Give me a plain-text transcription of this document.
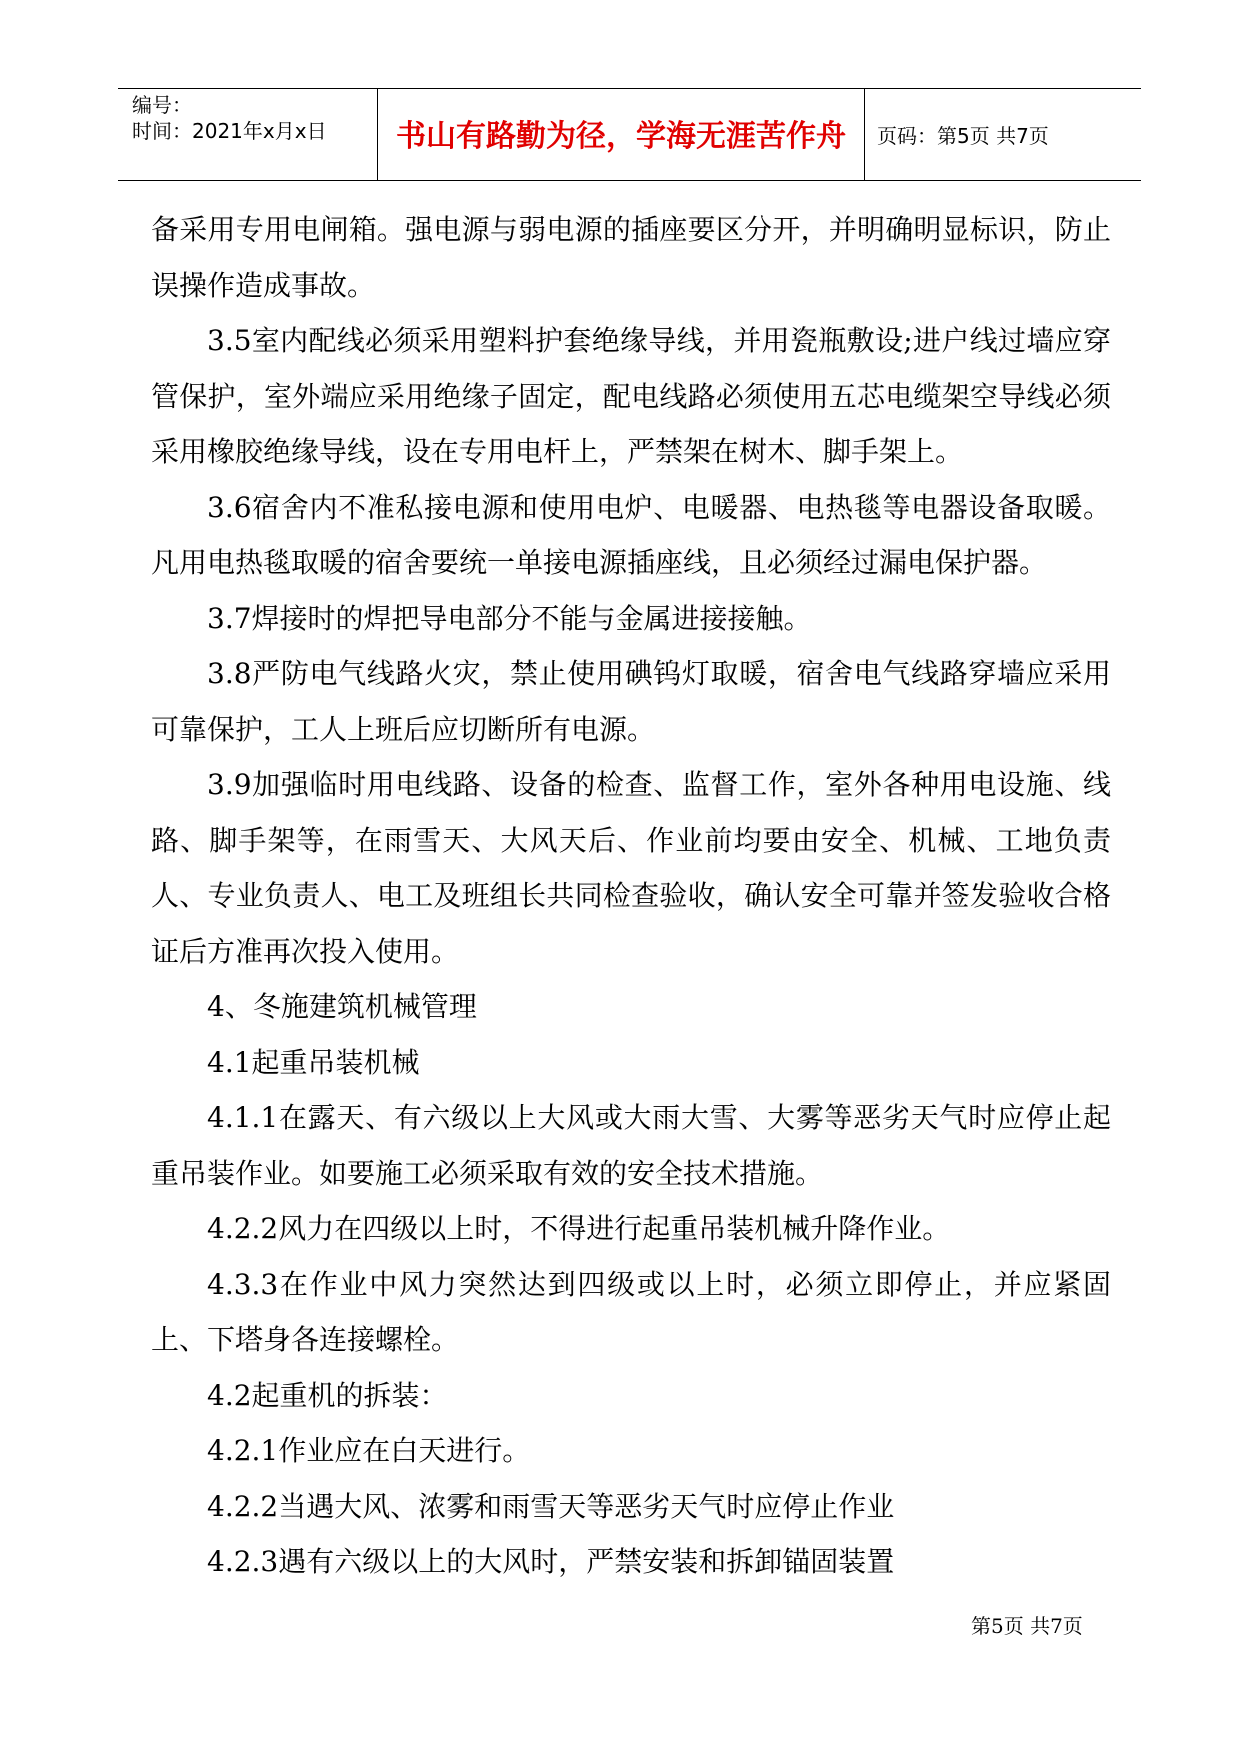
编号：
时间：2021年x月x日	书山有路勤为径，学海无涯苦作舟	页码：第5页 共7页

备采用专用电闸箱。强电源与弱电源的插座要区分开，并明确明显标识，防止误操作造成事故。

3.5室内配线必须采用塑料护套绝缘导线，并用瓷瓶敷设;进户线过墙应穿管保护，室外端应采用绝缘子固定，配电线路必须使用五芯电缆架空导线必须采用橡胶绝缘导线，设在专用电杆上，严禁架在树木、脚手架上。

3.6宿舍内不准私接电源和使用电炉、电暖器、电热毯等电器设备取暖。凡用电热毯取暖的宿舍要统一单接电源插座线，且必须经过漏电保护器。

3.7焊接时的焊把导电部分不能与金属进接接触。

3.8严防电气线路火灾，禁止使用碘钨灯取暖，宿舍电气线路穿墙应采用可靠保护，工人上班后应切断所有电源。

3.9加强临时用电线路、设备的检查、监督工作，室外各种用电设施、线路、脚手架等，在雨雪天、大风天后、作业前均要由安全、机械、工地负责人、专业负责人、电工及班组长共同检查验收，确认安全可靠并签发验收合格证后方准再次投入使用。

4、冬施建筑机械管理

4.1起重吊装机械

4.1.1在露天、有六级以上大风或大雨大雪、大雾等恶劣天气时应停止起重吊装作业。如要施工必须采取有效的安全技术措施。

4.2.2风力在四级以上时，不得进行起重吊装机械升降作业。

4.3.3在作业中风力突然达到四级或以上时，必须立即停止，并应紧固上、下塔身各连接螺栓。

4.2起重机的拆装：

4.2.1作业应在白天进行。

4.2.2当遇大风、浓雾和雨雪天等恶劣天气时应停止作业

4.2.3遇有六级以上的大风时，严禁安装和拆卸锚固装置

第5页 共7页
